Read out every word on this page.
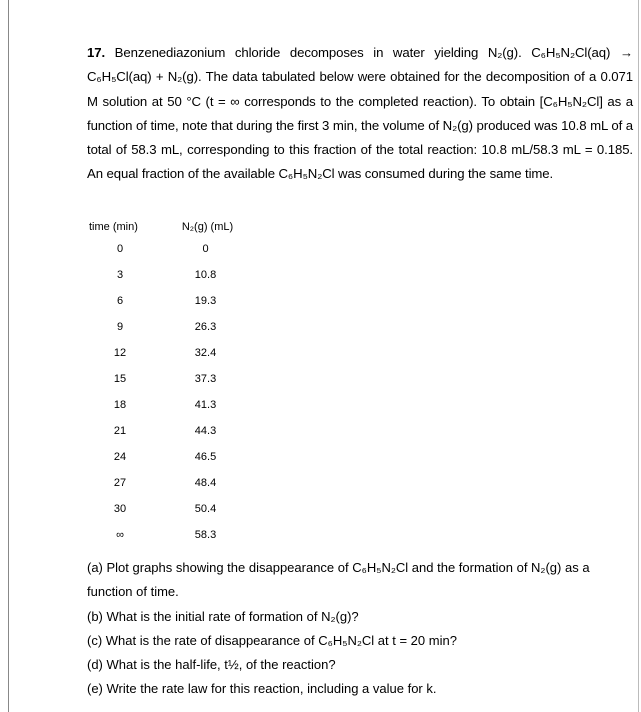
17. Benzenediazonium chloride decomposes in water yielding N₂(g). C₆H₅N₂Cl(aq) → C₆H₅Cl(aq) + N₂(g). The data tabulated below were obtained for the decomposition of a 0.071 M solution at 50 °C (t = ∞ corresponds to the completed reaction). To obtain [C₆H₅N₂Cl] as a function of time, note that during the first 3 min, the volume of N₂(g) produced was 10.8 mL of a total of 58.3 mL, corresponding to this fraction of the total reaction: 10.8 mL/58.3 mL = 0.185. An equal fraction of the available C₆H₅N₂Cl was consumed during the same time.

time (min)	N₂(g) (mL)
0	0
3	10.8
6	19.3
9	26.3
12	32.4
15	37.3
18	41.3
21	44.3
24	46.5
27	48.4
30	50.4
∞	58.3

(a) Plot graphs showing the disappearance of C₆H₅N₂Cl and the formation of N₂(g) as a function of time.

(b) What is the initial rate of formation of N₂(g)?

(c) What is the rate of disappearance of C₆H₅N₂Cl at t = 20 min?

(d) What is the half-life, t½, of the reaction?

(e) Write the rate law for this reaction, including a value for k.
